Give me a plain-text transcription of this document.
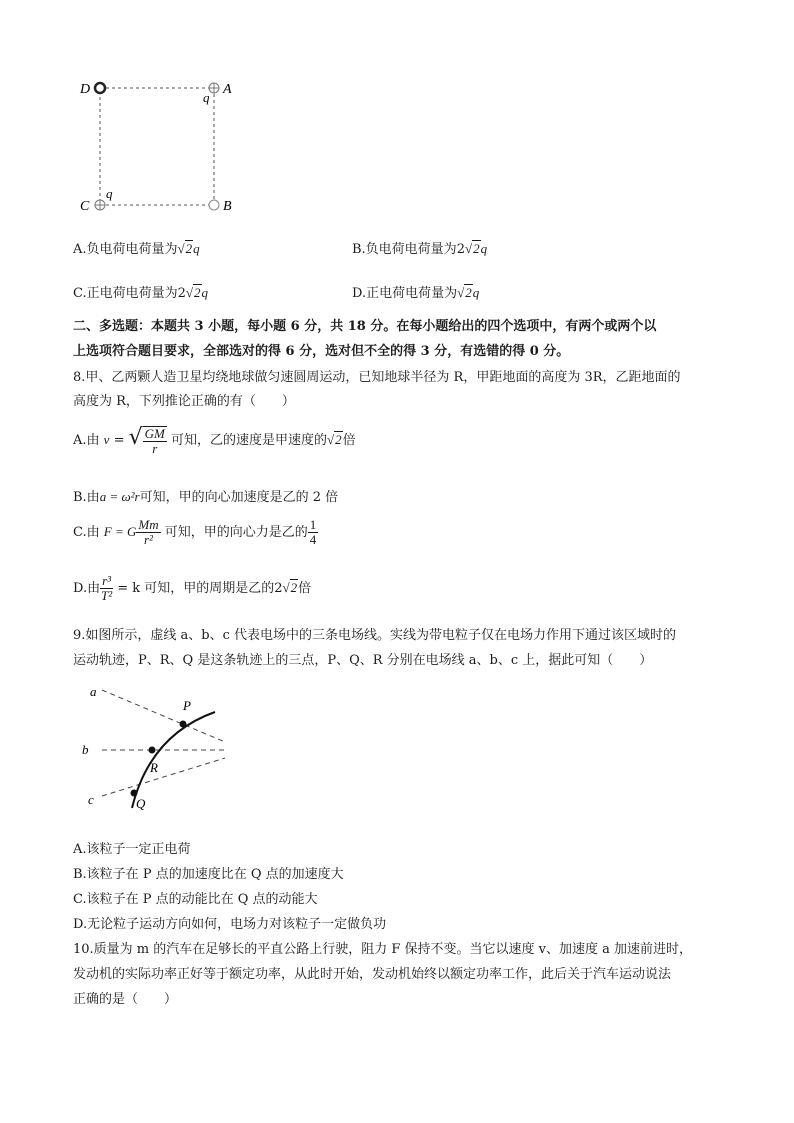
D	A
C	B
q
q
A.负电荷电荷量为√2q	B.负电荷电荷量为2√2q
C.正电荷电荷量为2√2q	D.正电荷电荷量为√2q
二、多选题：本题共 3 小题，每小题 6 分，共 18 分。在每小题给出的四个选项中，有两个或两个以
上选项符合题目要求，全部选对的得 6 分，选对但不全的得 3 分，有选错的得 0 分。
8.甲、乙两颗人造卫星均绕地球做匀速圆周运动，已知地球半径为 R，甲距地面的高度为 3R，乙距地面的
高度为 R，下列推论正确的有（　　）
A.由 v = √ $\frac{GM}{r}$ 可知，乙的速度是甲速度的√2倍
B.由a = ω²r可知，甲的向心加速度是乙的 2 倍
C.由 F = G $\frac{Mm}{\text{r²}}$ 可知，甲的向心力是乙的 $\frac{1}{4}$
D.由 $\frac{\text{r³}}{\text{T²}} = k$ 可知，甲的周期是乙的2√2倍
9.如图所示，虚线 a、b、c 代表电场中的三条电场线。实线为带电粒子仅在电场力作用下通过该区域时的
运动轨迹，P、R、Q 是这条轨迹上的三点，P、Q、R 分别在电场线 a、b、c 上，据此可知（　　）
a
b
c
P
R
Q
A.该粒子一定正电荷
B.该粒子在 P 点的加速度比在 Q 点的加速度大
C.该粒子在 P 点的动能比在 Q 点的动能大
D.无论粒子运动方向如何，电场力对该粒子一定做负功
10.质量为 m 的汽车在足够长的平直公路上行驶，阻力 F 保持不变。当它以速度 v、加速度 a 加速前进时，
发动机的实际功率正好等于额定功率，从此时开始，发动机始终以额定功率工作，此后关于汽车运动说法
正确的是（　　）
